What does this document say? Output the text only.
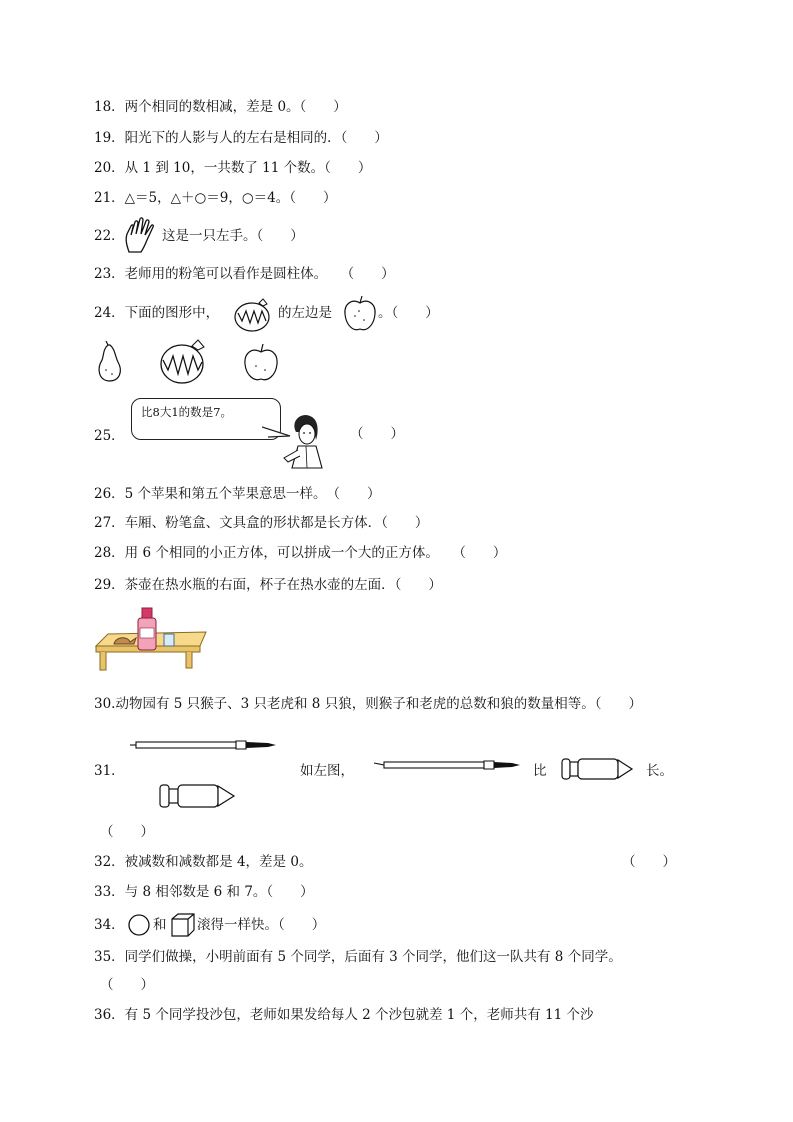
18．两个相同的数相减，差是 0。（　　）
19．阳光下的人影与人的左右是相同的．（　　）
20．从 1 到 10，一共数了 11 个数。（　　）
21．△＝5，△＋○＝9，○＝4。（　　）
22．	这是一只左手。（　　）
23．老师用的粉笔可以看作是圆柱体。　　（　　）
24．下面的图形中，	的左边是	。（　　）
25．
比8大1的数是7。
（　　）
26．5 个苹果和第五个苹果意思一样。　（　　）
27．车厢、粉笔盒、文具盒的形状都是长方体．（　　）
28．用 6 个相同的小正方体，可以拼成一个大的正方体。　　（　　）
29．茶壶在热水瓶的右面，杯子在热水壶的左面．（　　）
30.动物园有 5 只猴子、3 只老虎和 8 只狼，则猴子和老虎的总数和狼的数量相等。（　　）
31．	如左图，	比	长。
（　　）
32．被减数和减数都是 4，差是 0。	（　　）
33．与 8 相邻数是 6 和 7。（　　）
34． 和 滚得一样快。（　　）
35．同学们做操，小明前面有 5 个同学，后面有 3 个同学，他们这一队共有 8 个同学。
（　　）
36．有 5 个同学投沙包，老师如果发给每人 2 个沙包就差 1 个，老师共有 11 个沙
